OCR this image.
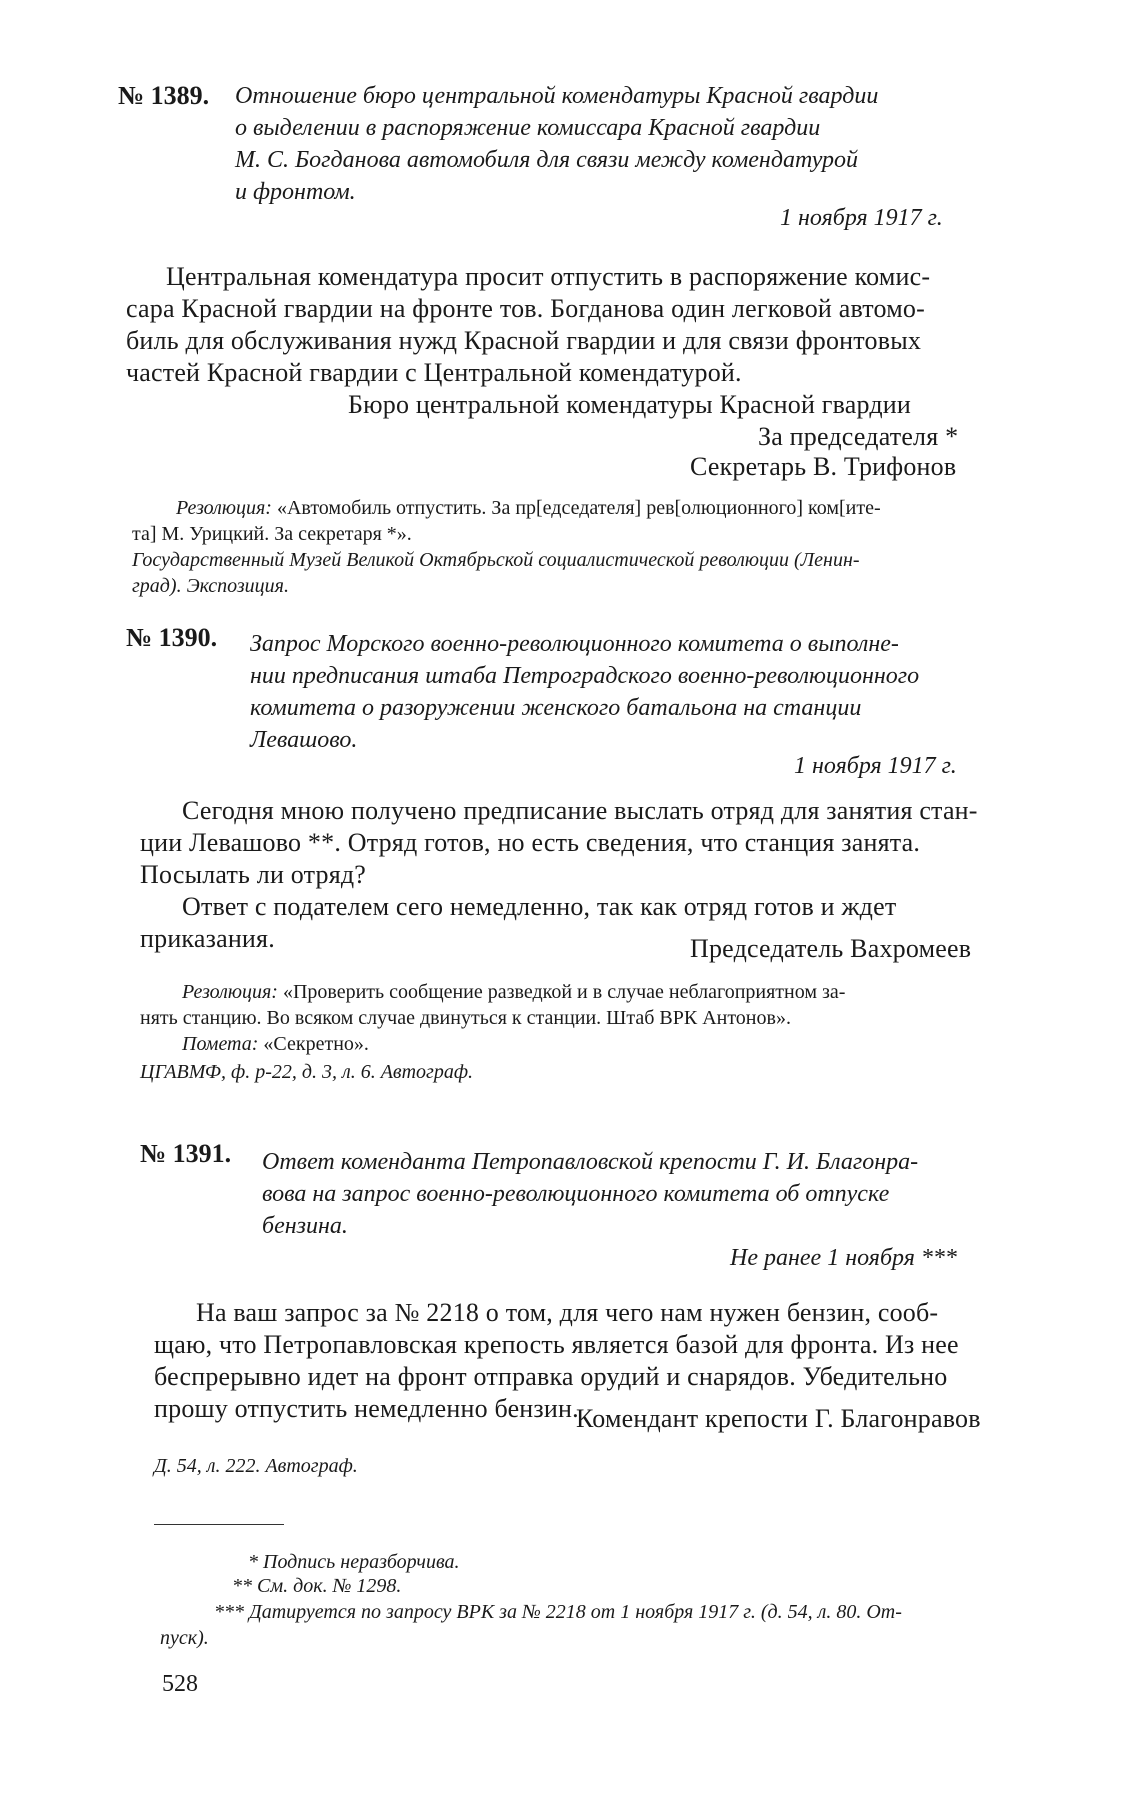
№ 1389. Отношение бюро центральной комендатуры Красной гвардии
о выделении в распоряжение комиссара Красной гвардии
М. С. Богданова автомобиля для связи между комендатурой
и фронтом.
1 ноября 1917 г.
Центральная комендатура просит отпустить в распоряжение комис-
сара Красной гвардии на фронте тов. Богданова один легковой автомо-
биль для обслуживания нужд Красной гвардии и для связи фронтовых
частей Красной гвардии с Центральной комендатурой.
Бюро центральной комендатуры Красной гвардии
За председателя *
Секретарь В. Трифонов
Резолюция: «Автомобиль отпустить. За пр[едседателя] рев[олюционного] ком[ите-
та] М. Урицкий. За секретаря *».
Государственный Музей Великой Октябрьской социалистической революции (Ленин-
град). Экспозиция.
№ 1390. Запрос Морского военно-революционного комитета о выполне-
нии предписания штаба Петроградского военно-революционного
комитета о разоружении женского батальона на станции
Левашово.
1 ноября 1917 г.
Сегодня мною получено предписание выслать отряд для занятия стан-
ции Левашово **. Отряд готов, но есть сведения, что станция занята.
Посылать ли отряд?
Ответ с подателем сего немедленно, так как отряд готов и ждет
приказания.	Председатель Вахромеев
Резолюция: «Проверить сообщение разведкой и в случае неблагоприятном за-
нять станцию. Во всяком случае двинуться к станции. Штаб ВРК Антонов».
Помета: «Секретно».
ЦГАВМФ, ф. р-22, д. 3, л. 6. Автограф.
№ 1391. Ответ коменданта Петропавловской крепости Г. И. Благонра-
вова на запрос военно-революционного комитета об отпуске
бензина.
Не ранее 1 ноября ***
На ваш запрос за № 2218 о том, для чего нам нужен бензин, сооб-
щаю, что Петропавловская крепость является базой для фронта. Из нее
беспрерывно идет на фронт отправка орудий и снарядов. Убедительно
прошу отпустить немедленно бензин.
Комендант крепости Г. Благонравов
Д. 54, л. 222. Автограф.
* Подпись неразборчива.
** См. док. № 1298.
*** Датируется по запросу ВРК за № 2218 от 1 ноября 1917 г. (д. 54, л. 80. От-
пуск).
528
